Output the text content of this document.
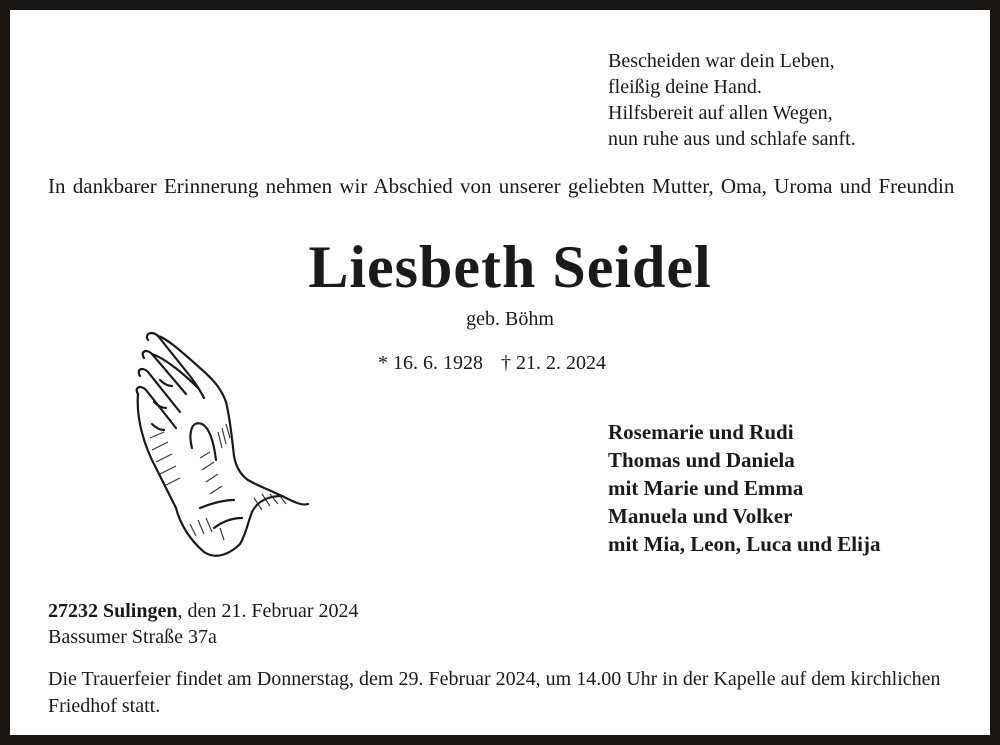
Bescheiden war dein Leben,
fleißig deine Hand.
Hilfsbereit auf allen Wegen,
nun ruhe aus und schlafe sanft.
In dankbarer Erinnerung nehmen wir Abschied von unserer geliebten Mutter, Oma, Uroma und Freundin
Liesbeth Seidel
geb. Böhm
* 16. 6. 1928 † 21. 2. 2024
Rosemarie und Rudi
Thomas und Daniela
mit Marie und Emma
Manuela und Volker
mit Mia, Leon, Luca und Elija
27232 Sulingen, den 21. Februar 2024
Bassumer Straße 37a
Die Trauerfeier findet am Donnerstag, dem 29. Februar 2024, um 14.00 Uhr in der Kapelle auf dem kirchlichen Friedhof statt.
